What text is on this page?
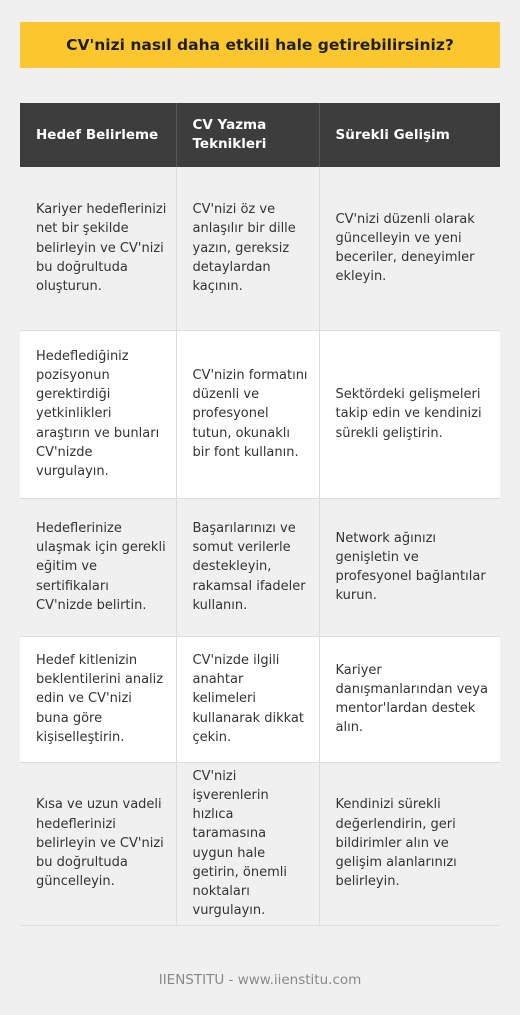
CV'nizi nasıl daha etkili hale getirebilirsiniz?
Hedef Belirleme	CV Yazma Teknikleri	Sürekli Gelişim
Kariyer hedeflerinizi net bir şekilde belirleyin ve CV'nizi bu doğrultuda oluşturun.	CV'nizi öz ve anlaşılır bir dille yazın, gereksiz detaylardan kaçının.	CV'nizi düzenli olarak güncelleyin ve yeni beceriler, deneyimler ekleyin.
Hedeflediğiniz pozisyonun gerektirdiği yetkinlikleri araştırın ve bunları CV'nizde vurgulayın.	CV'nizin formatını düzenli ve profesyonel tutun, okunaklı bir font kullanın.	Sektördeki gelişmeleri takip edin ve kendinizi sürekli geliştirin.
Hedeflerinize ulaşmak için gerekli eğitim ve sertifikaları CV'nizde belirtin.	Başarılarınızı ve somut verilerle destekleyin, rakamsal ifadeler kullanın.	Network ağınızı genişletin ve profesyonel bağlantılar kurun.
Hedef kitlenizin beklentilerini analiz edin ve CV'nizi buna göre kişiselleştirin.	CV'nizde ilgili anahtar kelimeleri kullanarak dikkat çekin.	Kariyer danışmanlarından veya mentor'lardan destek alın.
Kısa ve uzun vadeli hedeflerinizi belirleyin ve CV'nizi bu doğrultuda güncelleyin.	CV'nizi işverenlerin hızlıca taramasına uygun hale getirin, önemli noktaları vurgulayın.	Kendinizi sürekli değerlendirin, geri bildirimler alın ve gelişim alanlarınızı belirleyin.
IIENSTITU - www.iienstitu.com
